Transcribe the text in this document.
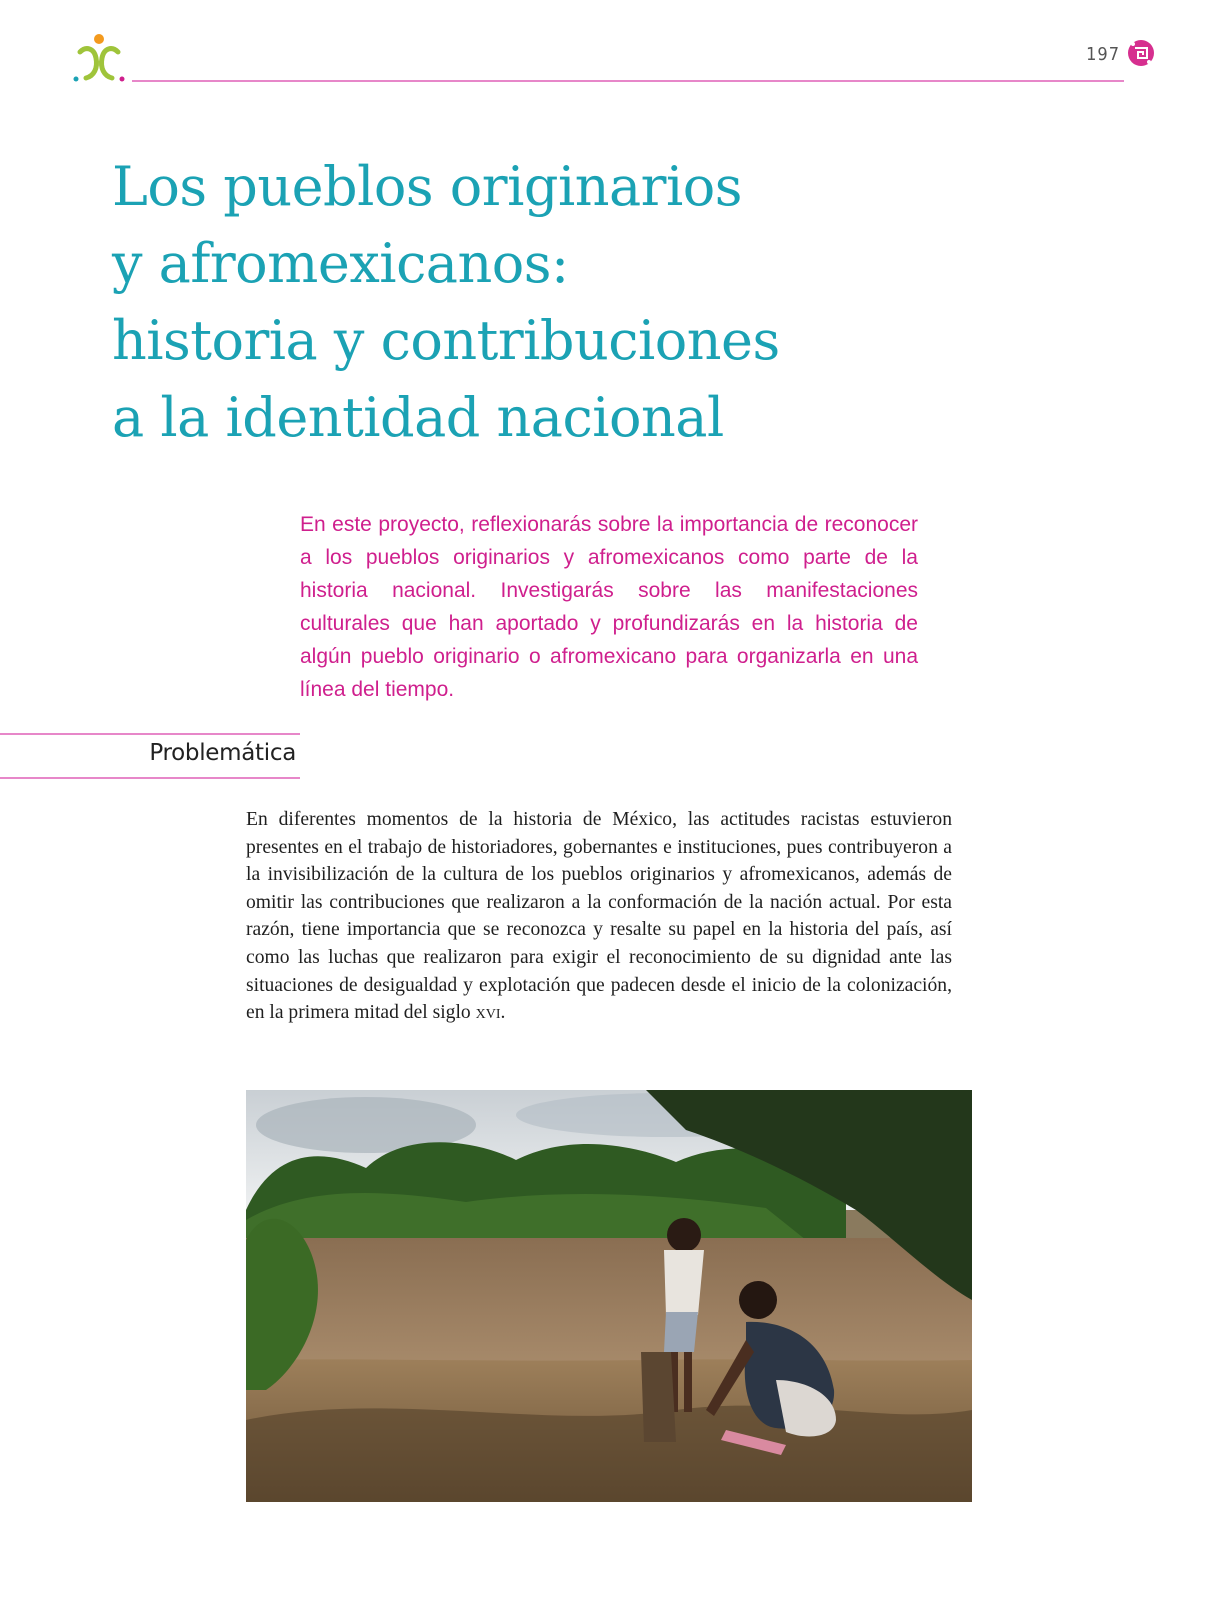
197
Los pueblos originarios
y afromexicanos:
historia y contribuciones
a la identidad nacional

En este proyecto, reflexionarás sobre la importancia de reconocer a los pueblos originarios y afromexicanos como parte de la historia nacional. Investigarás sobre las manifestaciones culturales que han aportado y profundizarás en la historia de algún pueblo originario o afromexicano para organizarla en una línea del tiempo.

Problemática

En diferentes momentos de la historia de México, las actitudes racistas estuvieron presentes en el trabajo de historiadores, gobernantes e instituciones, pues contribuyeron a la invisibilización de la cultura de los pueblos originarios y afromexicanos, además de omitir las contribuciones que realizaron a la conformación de la nación actual. Por esta razón, tiene importancia que se reconozca y resalte su papel en la historia del país, así como las luchas que realizaron para exigir el reconocimiento de su dignidad ante las situaciones de desigualdad y explotación que padecen desde el inicio de la colonización, en la primera mitad del siglo xvi.
